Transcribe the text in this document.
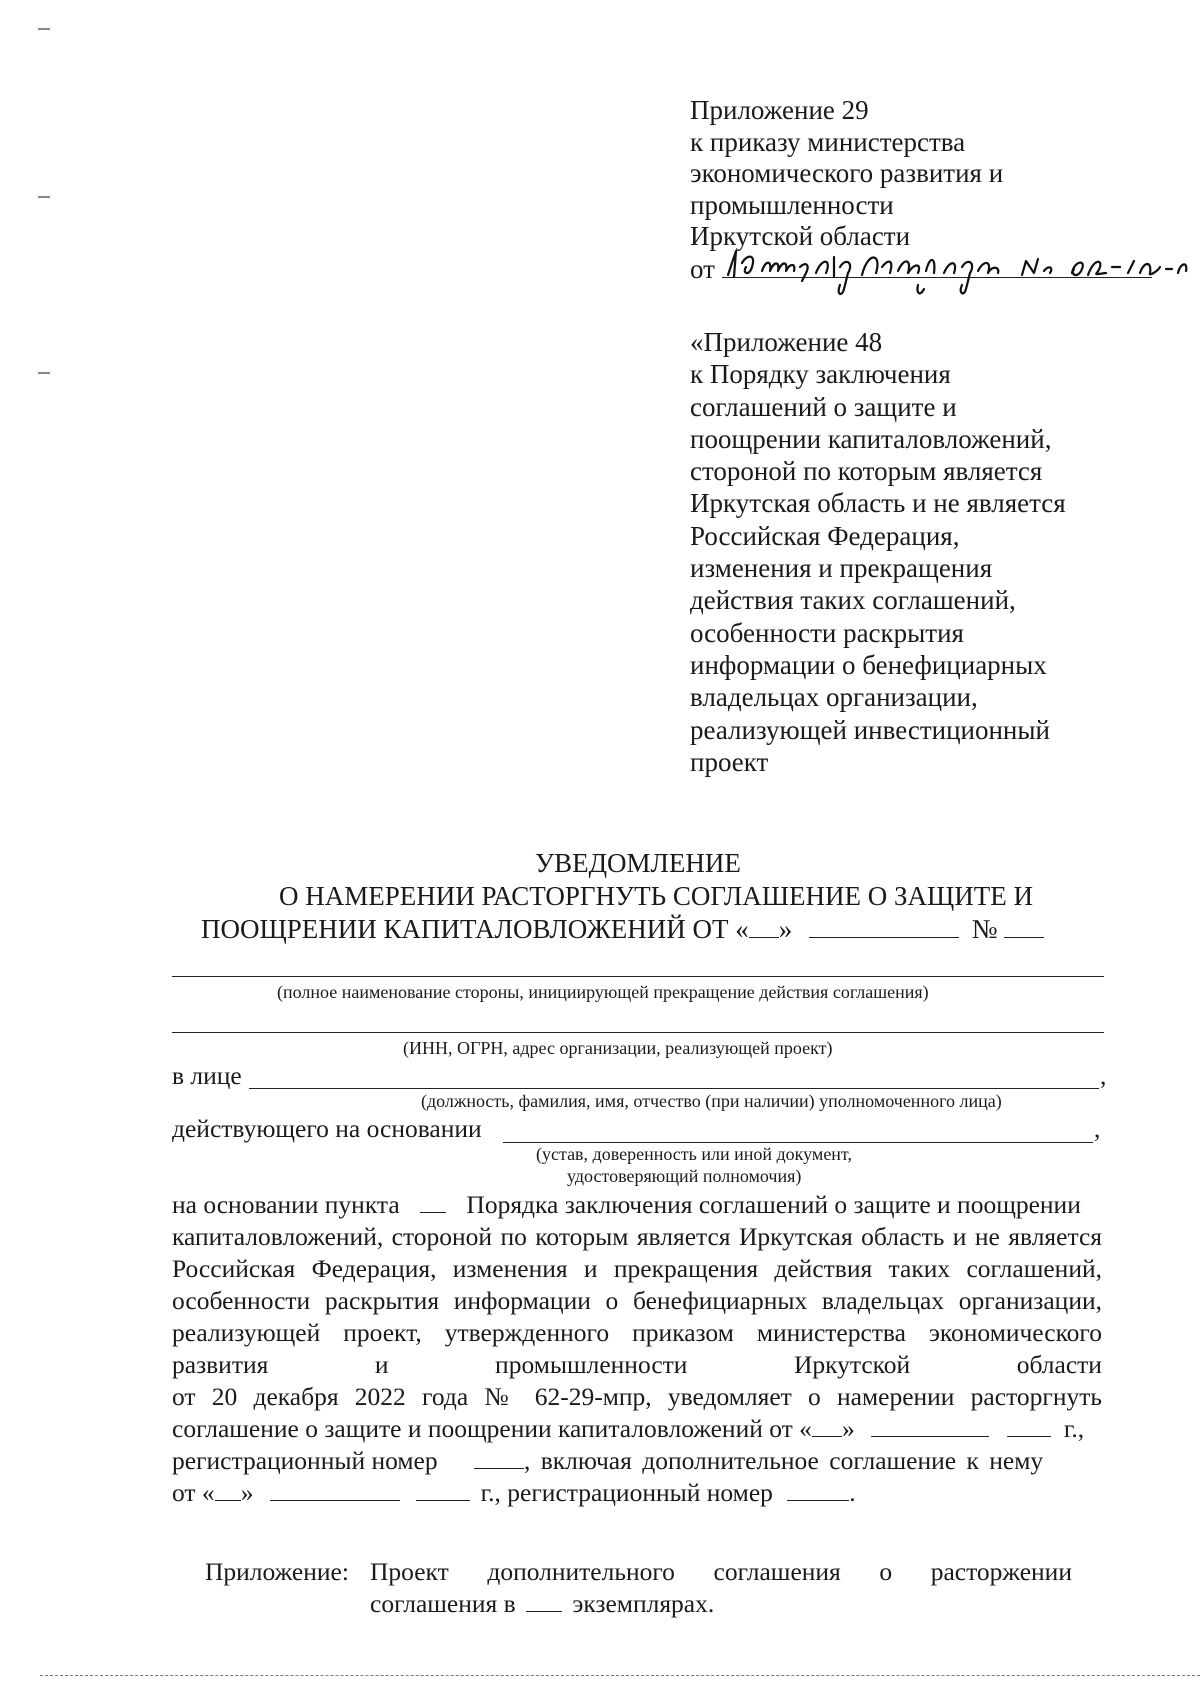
Приложение 29
к приказу министерства
экономического развития и
промышленности
Иркутской области
от
«Приложение 48
к Порядку заключения
соглашений о защите и
поощрении капиталовложений,
стороной по которым является
Иркутская область и не является
Российская Федерация,
изменения и прекращения
действия таких соглашений,
особенности раскрытия
информации о бенефициарных
владельцах организации,
реализующей инвестиционный
проект
УВЕДОМЛЕНИЕ
О НАМЕРЕНИИ РАСТОРГНУТЬ СОГЛАШЕНИЕ О ЗАЩИТЕ И
ПООЩРЕНИИ КАПИТАЛОВЛОЖЕНИЙ ОТ « »	№
(полное наименование стороны, инициирующей прекращение действия соглашения)
(ИНН, ОГРН, адрес организации, реализующей проект)
в лице	,
(должность, фамилия, имя, отчество (при наличии) уполномоченного лица)
действующего на основании	,
(устав, доверенность или иной документ,
удостоверяющий полномочия)
на основании пункта	Порядка заключения соглашений о защите и поощрении
капиталовложений, стороной по которым является Иркутская область и не является
Российская Федерация, изменения и прекращения действия таких соглашений,
особенности раскрытия информации о бенефициарных владельцах организации,
реализующей проект, утвержденного приказом министерства экономического
развития	и	промышленности	Иркутской	области
от 20 декабря 2022 года № 62-29-мпр, уведомляет о намерении расторгнуть
соглашение о защите и поощрении капиталовложений от « »	г.,
регистрационный номер	, включая дополнительное соглашение к нему
от « »	г., регистрационный номер	.
Приложение: Проект дополнительного соглашения о расторжении
соглашения в экземплярах.
